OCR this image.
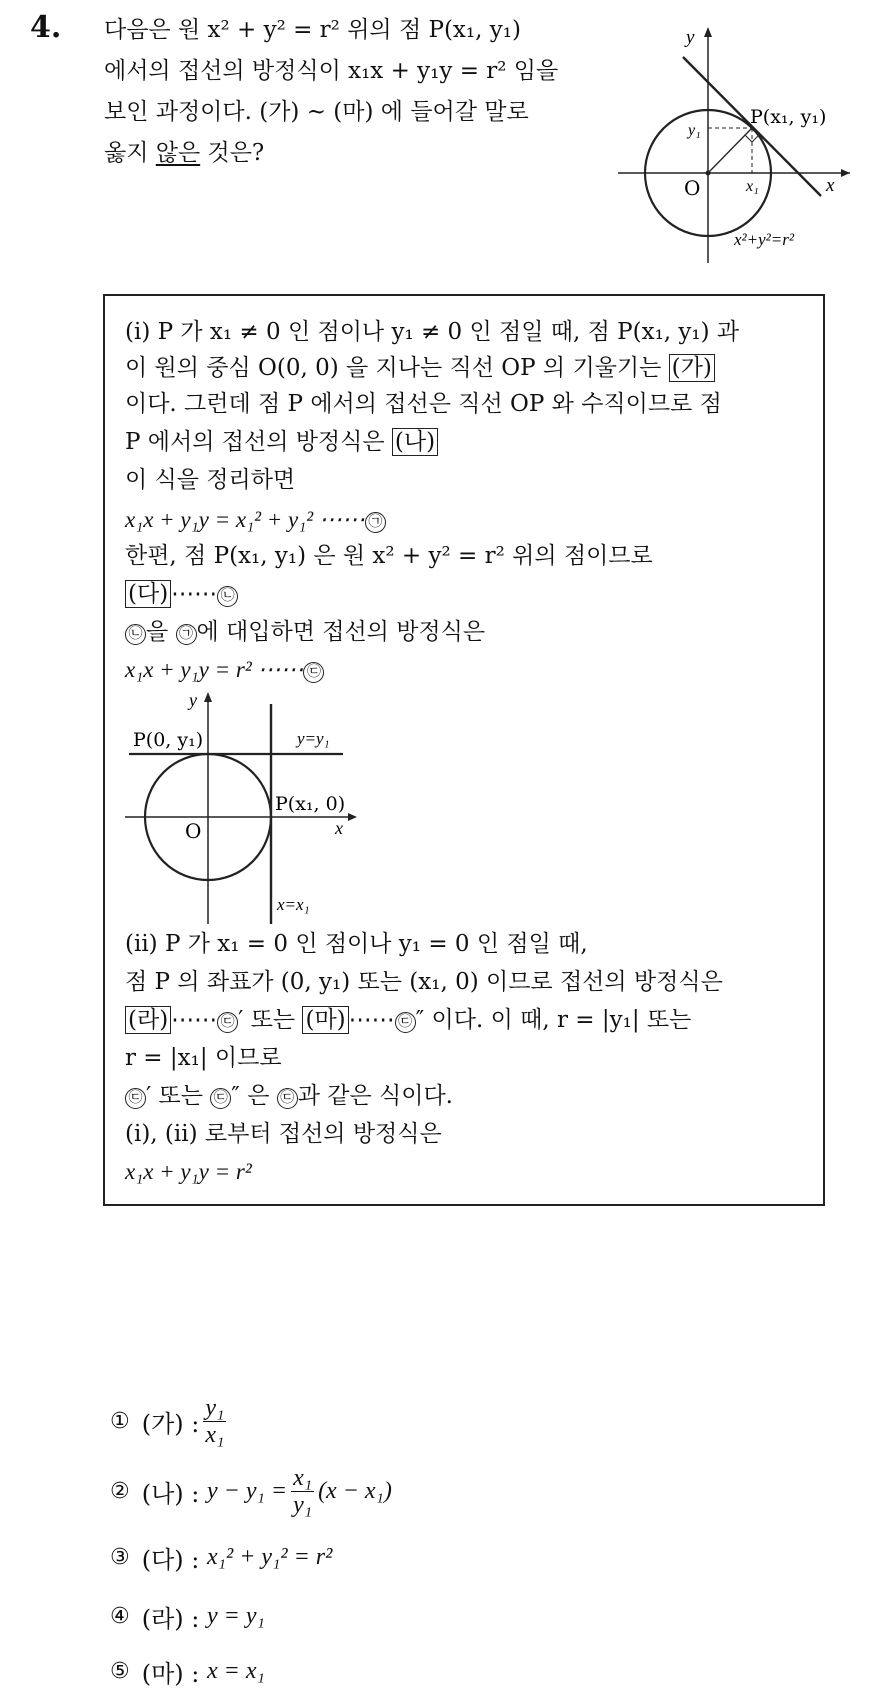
4. 다음은 원 x² + y² = r² 위의 점 P(x₁, y₁)

에서의 접선의 방정식이 x₁x + y₁y = r² 임을

보인 과정이다. (가) ~ (마) 에 들어갈 말로

옳지 않은 것은?

y
x
O
P(x₁, y₁)
y₁
x₁
x²+y²=r²
(i) P 가 x₁ ≠ 0 인 점이나 y₁ ≠ 0 인 점일 때, 점 P(x₁, y₁) 과
이 원의 중심 O(0, 0) 을 지나는 직선 OP 의 기울기는 (가)
이다. 그런데 점 P 에서의 접선은 직선 OP 와 수직이므로 점
P 에서의 접선의 방정식은 (나)
이 식을 정리하면
x₁x + y₁y = x₁² + y₁² ⋯⋯ ㉠
한편, 점 P(x₁, y₁) 은 원 x² + y² = r² 위의 점이므로
(다) ⋯⋯ ㉡
㉡ 을 ㉠ 에 대입하면 접선의 방정식은
x₁x + y₁y = r² ⋯⋯ ㉢
y
x
O
P(0, y₁)
P(x₁, 0)
y=y₁
x=x₁
(ii) P 가 x₁ = 0 인 점이나 y₁ = 0 인 점일 때,
점 P 의 좌표가 (0, y₁) 또는 (x₁, 0) 이므로 접선의 방정식은
(라) ⋯⋯ ㉢ ′ 또는 (마) ⋯⋯ ㉢ ″ 이다. 이 때, r = |y₁| 또는
r = |x₁| 이므로
㉢ ′ 또는 ㉢ ″ 은 ㉢ 과 같은 식이다.
(i), (ii) 로부터 접선의 방정식은
x₁x + y₁y = r²
① (가) : $\frac{\text{y₁}}{\text{x₁}}$
② (나) :
$y - y_1 = \frac{\text{x₁}}{\text{y₁}} (x - x_1)$
③ (다) :
x₁² + y₁² = r²
④ (라) :
y = y₁
⑤ (마) :
x = x₁
